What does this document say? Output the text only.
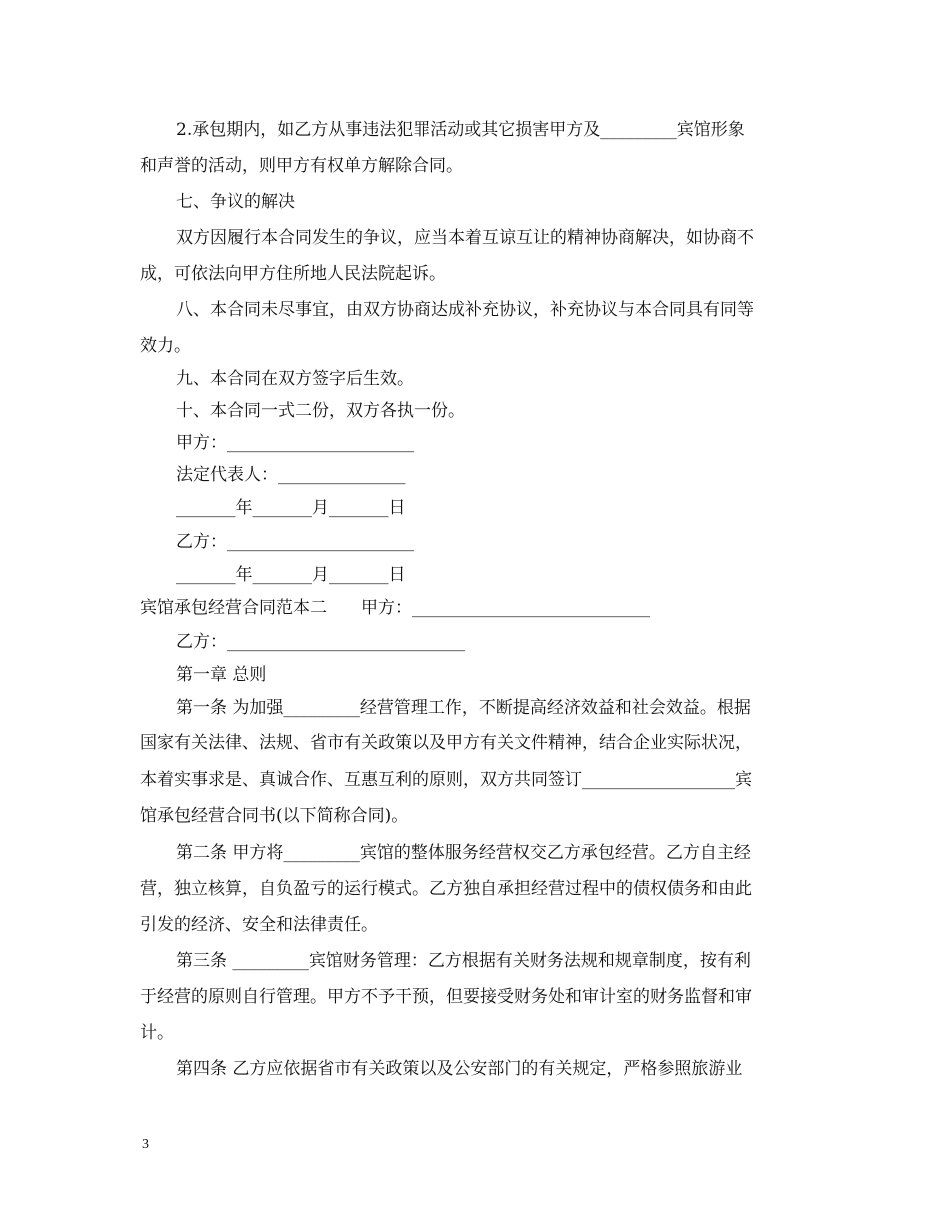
2.承包期内，如乙方从事违法犯罪活动或其它损害甲方及_________宾馆形象
和声誉的活动，则甲方有权单方解除合同。
七、争议的解决
双方因履行本合同发生的争议，应当本着互谅互让的精神协商解决，如协商不
成，可依法向甲方住所地人民法院起诉。
八、本合同未尽事宜，由双方协商达成补充协议，补充协议与本合同具有同等
效力。
九、本合同在双方签字后生效。
十、本合同一式二份，双方各执一份。
甲方：______________________
法定代表人：_______________
_______年_______月_______日
乙方：______________________
_______年_______月_______日
宾馆承包经营合同范本二　　甲方：____________________________
乙方：____________________________
第一章 总则
第一条 为加强_________经营管理工作，不断提高经济效益和社会效益。根据
国家有关法律、法规、省市有关政策以及甲方有关文件精神，结合企业实际状况，
本着实事求是、真诚合作、互惠互利的原则，双方共同签订__________________宾
馆承包经营合同书(以下简称合同)。
第二条 甲方将_________宾馆的整体服务经营权交乙方承包经营。乙方自主经
营，独立核算，自负盈亏的运行模式。乙方独自承担经营过程中的债权债务和由此
引发的经济、安全和法律责任。
第三条 _________宾馆财务管理：乙方根据有关财务法规和规章制度，按有利
于经营的原则自行管理。甲方不予干预，但要接受财务处和审计室的财务监督和审
计。
第四条 乙方应依据省市有关政策以及公安部门的有关规定，严格参照旅游业
3
